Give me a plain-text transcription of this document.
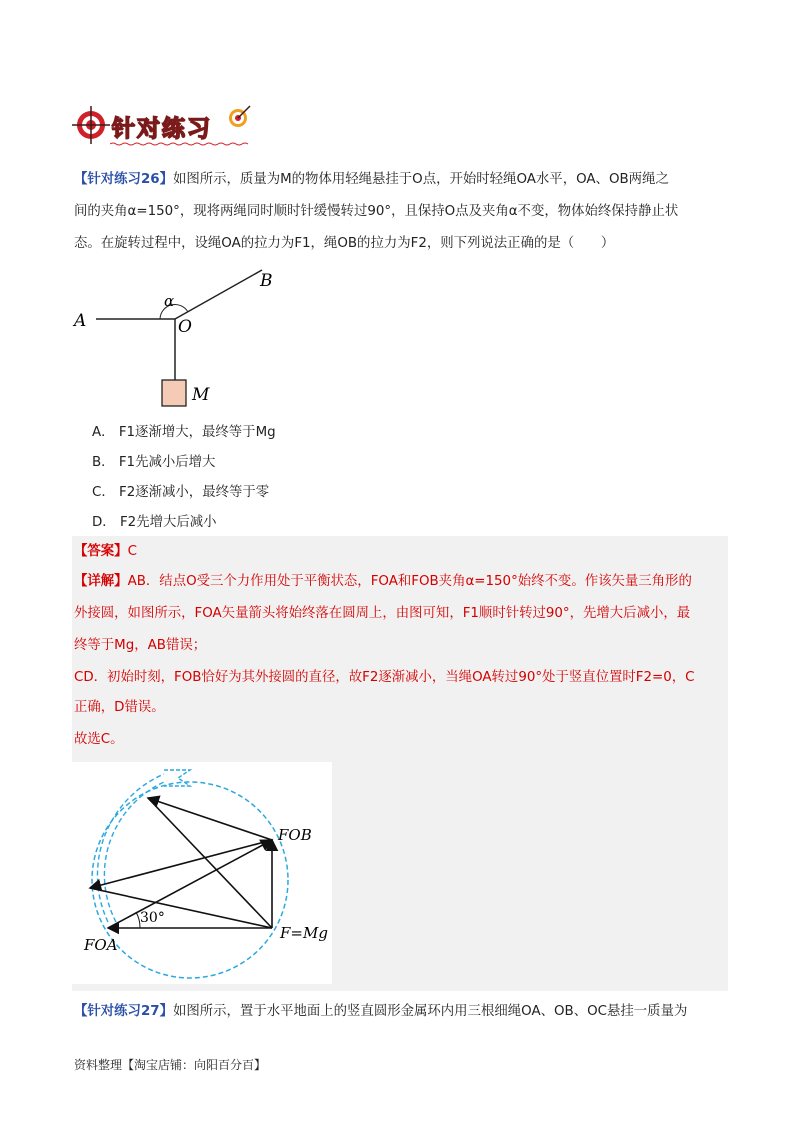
针对练习
【针对练习26】如图所示，质量为M的物体用轻绳悬挂于O点，开始时轻绳OA水平，OA、OB两绳之
间的夹角α=150°，现将两绳同时顺时针缓慢转过90°，且保持O点及夹角α不变，物体始终保持静止状
态。在旋转过程中，设绳OA的拉力为F1，绳OB的拉力为F2，则下列说法正确的是（　　）
A
B
O
α
M
A． F1逐渐增大，最终等于Mg
B． F1先减小后增大
C． F2逐渐减小，最终等于零
D． F2先增大后减小
【答案】C
【详解】AB．结点O受三个力作用处于平衡状态，FOA和FOB夹角α=150°始终不变。作该矢量三角形的
外接圆，如图所示，FOA矢量箭头将始终落在圆周上，由图可知，F1顺时针转过90°，先增大后减小，最
终等于Mg，AB错误；
CD．初始时刻，FOB恰好为其外接圆的直径，故F2逐渐减小，当绳OA转过90°处于竖直位置时F2=0，C
正确，D错误。
故选C。
FOB
FOA
F=Mg
30°
【针对练习27】如图所示，置于水平地面上的竖直圆形金属环内用三根细绳OA、OB、OC悬挂一质量为
资料整理【淘宝店铺：向阳百分百】
